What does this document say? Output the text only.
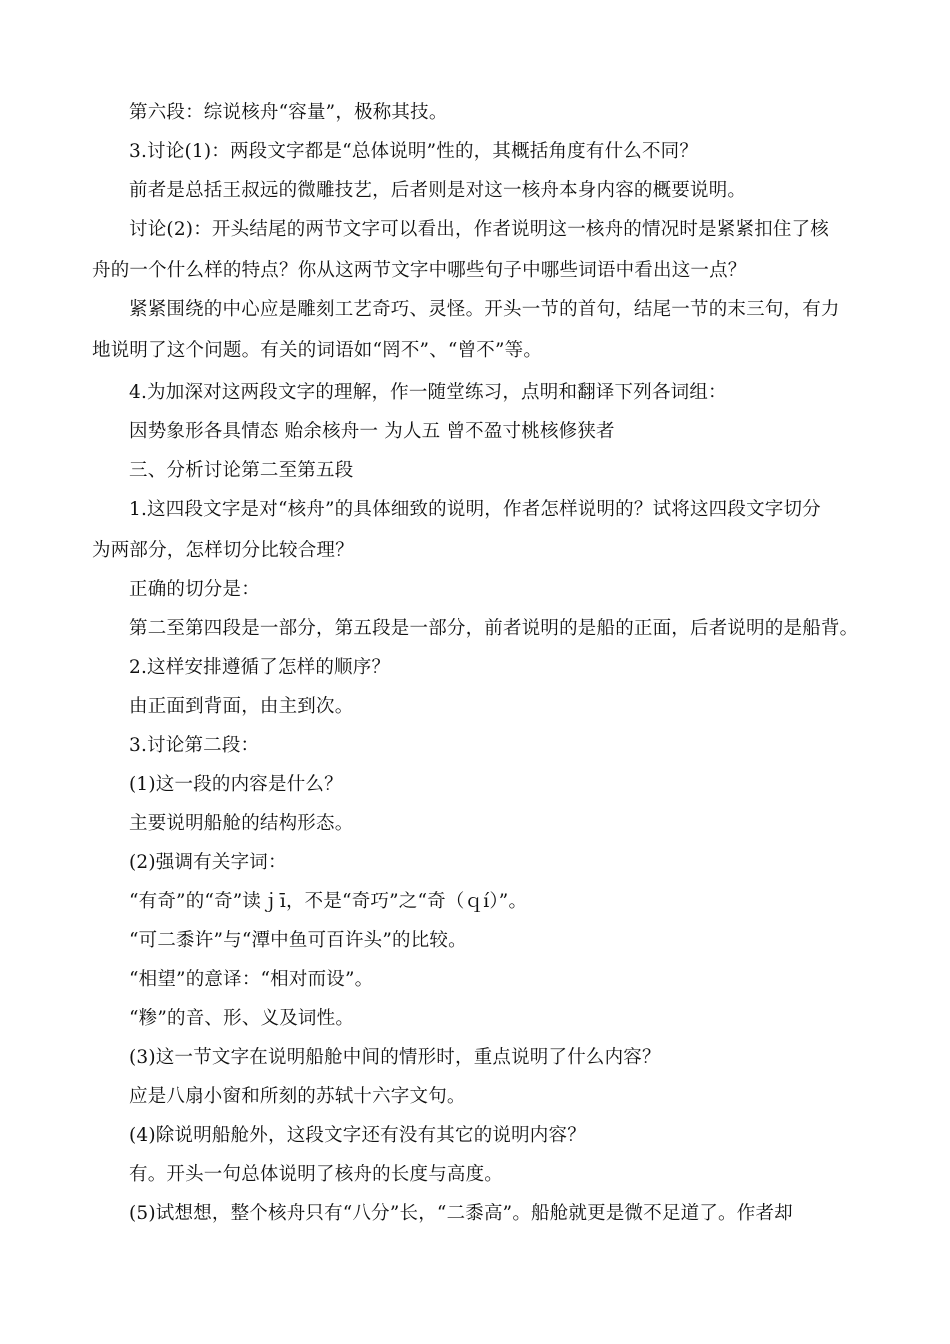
第六段：综说核舟“容量”，极称其技。
3.讨论(1)：两段文字都是“总体说明”性的，其概括角度有什么不同？
前者是总括王叔远的微雕技艺，后者则是对这一核舟本身内容的概要说明。
讨论(2)：开头结尾的两节文字可以看出，作者说明这一核舟的情况时是紧紧扣住了核
舟的一个什么样的特点？你从这两节文字中哪些句子中哪些词语中看出这一点？
紧紧围绕的中心应是雕刻工艺奇巧、灵怪。开头一节的首句，结尾一节的末三句，有力
地说明了这个问题。有关的词语如“罔不”、“曾不”等。
4.为加深对这两段文字的理解，作一随堂练习，点明和翻译下列各词组：
因势象形各具情态 贻余核舟一 为人五 曾不盈寸桃核修狭者
三、分析讨论第二至第五段
1.这四段文字是对“核舟”的具体细致的说明，作者怎样说明的？试将这四段文字切分
为两部分，怎样切分比较合理？
正确的切分是：
第二至第四段是一部分，第五段是一部分，前者说明的是船的正面，后者说明的是船背。
2.这样安排遵循了怎样的顺序？
由正面到背面，由主到次。
3.讨论第二段：
(1)这一段的内容是什么？
主要说明船舱的结构形态。
(2)强调有关字词：
“有奇”的“奇”读ｊī，不是“奇巧”之“奇（ｑí）”。
“可二黍许”与“潭中鱼可百许头”的比较。
“相望”的意译：“相对而设”。
“糁”的音、形、义及词性。
(3)这一节文字在说明船舱中间的情形时，重点说明了什么内容？
应是八扇小窗和所刻的苏轼十六字文句。
(4)除说明船舱外，这段文字还有没有其它的说明内容？
有。开头一句总体说明了核舟的长度与高度。
(5)试想想，整个核舟只有“八分”长，“二黍高”。船舱就更是微不足道了。作者却
